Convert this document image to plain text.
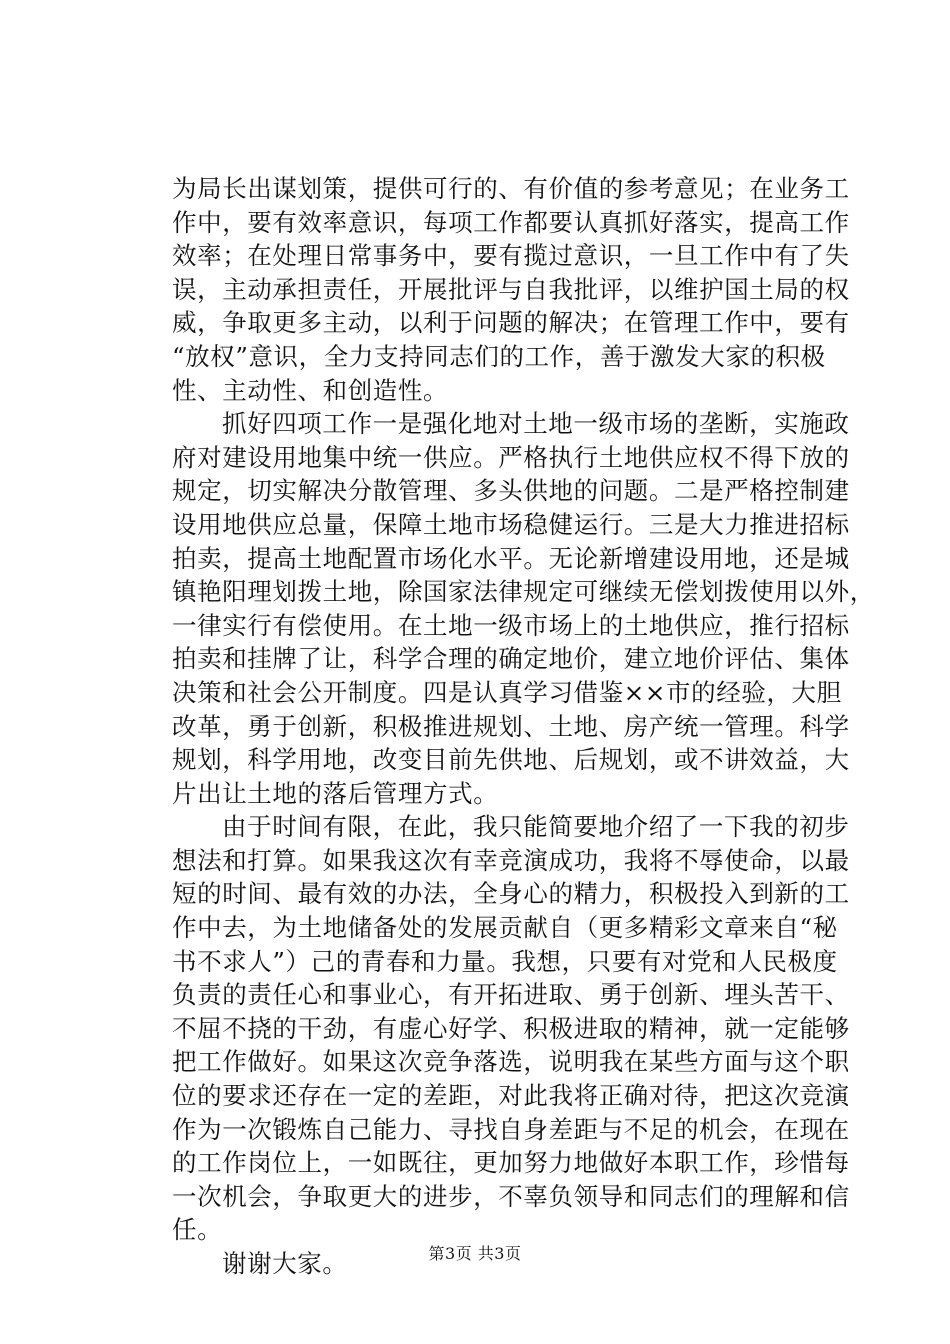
为局长出谋划策，提供可行的、有价值的参考意见；在业务工
作中，要有效率意识，每项工作都要认真抓好落实，提高工作
效率；在处理日常事务中，要有揽过意识，一旦工作中有了失
误，主动承担责任，开展批评与自我批评，以维护国土局的权
威，争取更多主动，以利于问题的解决；在管理工作中，要有
“放权”意识，全力支持同志们的工作，善于激发大家的积极
性、主动性、和创造性。
抓好四项工作一是强化地对土地一级市场的垄断，实施政
府对建设用地集中统一供应。严格执行土地供应权不得下放的
规定，切实解决分散管理、多头供地的问题。二是严格控制建
设用地供应总量，保障土地市场稳健运行。三是大力推进招标
拍卖，提高土地配置市场化水平。无论新增建设用地，还是城
镇艳阳理划拨土地，除国家法律规定可继续无偿划拨使用以外，
一律实行有偿使用。在土地一级市场上的土地供应，推行招标
拍卖和挂牌了让，科学合理的确定地价，建立地价评估、集体
决策和社会公开制度。四是认真学习借鉴××市的经验，大胆
改革，勇于创新，积极推进规划、土地、房产统一管理。科学
规划，科学用地，改变目前先供地、后规划，或不讲效益，大
片出让土地的落后管理方式。
由于时间有限，在此，我只能简要地介绍了一下我的初步
想法和打算。如果我这次有幸竞演成功，我将不辱使命，以最
短的时间、最有效的办法，全身心的精力，积极投入到新的工
作中去，为土地储备处的发展贡献自（更多精彩文章来自“秘
书不求人”）己的青春和力量。我想，只要有对党和人民极度
负责的责任心和事业心，有开拓进取、勇于创新、埋头苦干、
不屈不挠的干劲，有虚心好学、积极进取的精神，就一定能够
把工作做好。如果这次竞争落选，说明我在某些方面与这个职
位的要求还存在一定的差距，对此我将正确对待，把这次竞演
作为一次锻炼自己能力、寻找自身差距与不足的机会，在现在
的工作岗位上，一如既往，更加努力地做好本职工作，珍惜每
一次机会，争取更大的进步，不辜负领导和同志们的理解和信
任。
谢谢大家。	第3页 共3页
